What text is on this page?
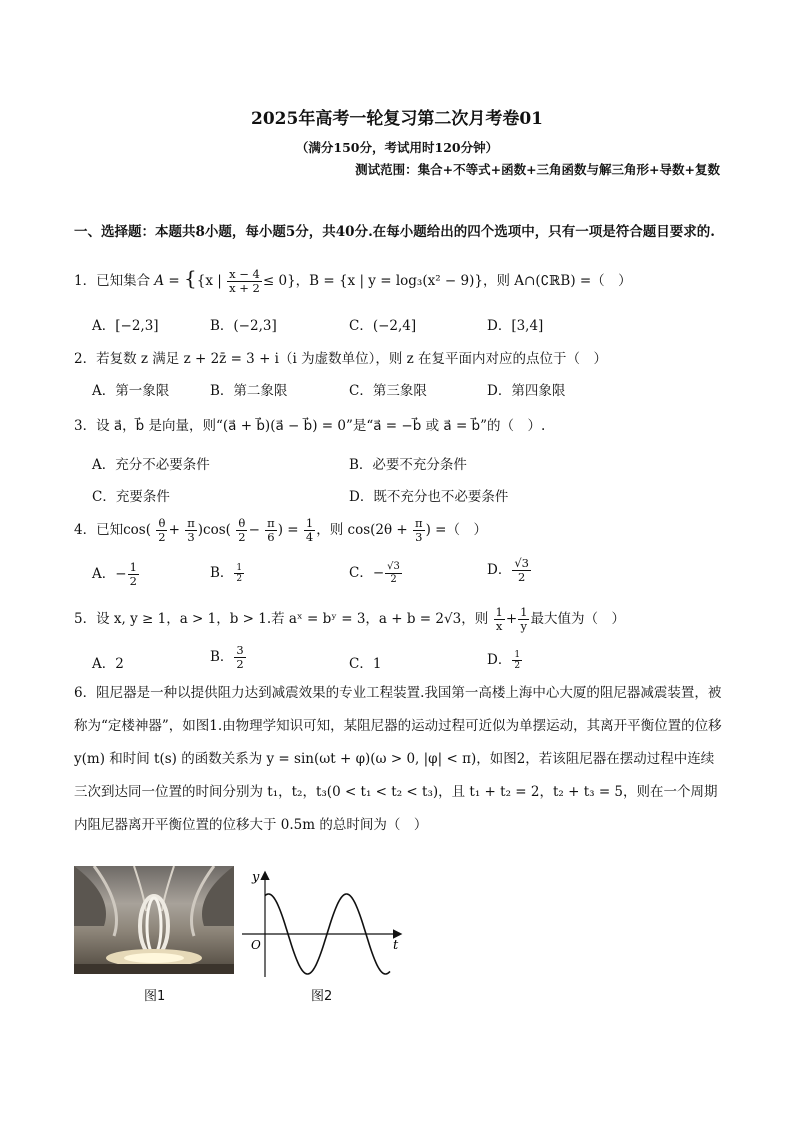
2025年高考一轮复习第二次月考卷01
（满分150分，考试用时120分钟）
测试范围：集合+不等式+函数+三角函数与解三角形+导数+复数
一、选择题：本题共8小题，每小题5分，共40分.在每小题给出的四个选项中，只有一项是符合题目要求的.
1．已知集合 A = {{x | $\frac{x - 4}{x + 2} \le 0$}，B = {x | y = log₃(x² − 9)}，则 A∩(∁ℝB) =（　）
A．[−2,3]	B．(−2,3]	C．(−2,4]	D．[3,4]
2．若复数 z 满足 z + 2z̄ = 3 + i（i 为虚数单位），则 z 在复平面内对应的点位于（　）
A．第一象限	B．第二象限	C．第三象限	D．第四象限
3．设 a⃗，b⃗ 是向量，则“(a⃗ + b⃗)(a⃗ − b⃗) = 0”是“a⃗ = −b⃗ 或 a⃗ = b⃗”的（　）.
A．充分不必要条件	B．必要不充分条件
C．充要条件	D．既不充分也不必要条件
4．已知$\cos( \frac{\theta}{2} + \frac{\pi}{3} )\cos( \frac{\theta}{2} - \frac{\pi}{6}$ ) = $\frac{1}{4}$ ，则 $\cos(2\theta + \frac{\pi}{3}$ ) =（　）
A．− $\frac{1}{2}$	B． $\frac{1}{2}$	C．− $\frac{√3}{2}$	D． $\frac{√3}{2}$
5．设 x, y ≥ 1，a > 1，b > 1.若 aˣ = bʸ = 3，a + b = 2√3，则 $\frac{1}{x} + \frac{1}{y}$ 最大值为（　）
A．2	B． $\frac{3}{2}$	C．1	D． $\frac{1}{2}$
6．阻尼器是一种以提供阻力达到减震效果的专业工程装置.我国第一高楼上海中心大厦的阻尼器减震装置，被称为“定楼神器”，如图1.由物理学知识可知，某阻尼器的运动过程可近似为单摆运动，其离开平衡位置的位移 y(m) 和时间 t(s) 的函数关系为 y = sin(ωt + φ)(ω > 0, |φ| < π)，如图2，若该阻尼器在摆动过程中连续三次到达同一位置的时间分别为 t₁，t₂，t₃(0 < t₁ < t₂ < t₃)，且 t₁ + t₂ = 2，t₂ + t₃ = 5，则在一个周期内阻尼器离开平衡位置的位移大于 0.5m 的总时间为（　）
图1
y
t
O
图2
